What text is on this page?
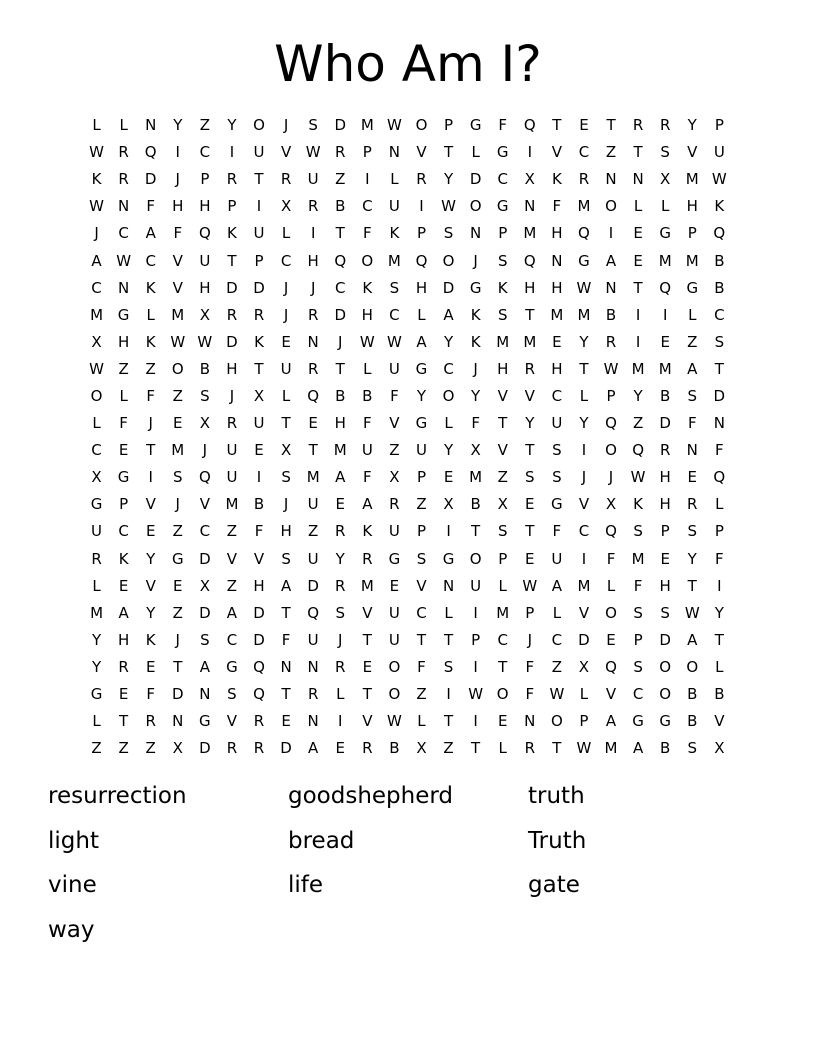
Who Am I?
L	L	N	Y	Z	Y	O	J	S	D M W O	P	G	F	Q	T	E	T	R	R	Y	P
W R	Q	I	C	I	U	V W R	P	N	V	T	L	G	I	V	C	Z	T	S	V	U
K	R	D	J	P	R	T	R	U	Z	I	L	R	Y	D	C	X	K	R	N	N	X	M W
W N	F	H	H	P	I	X	R	B	C	U	I	W O	G	N	F	M O	L	L	H	K
J	C	A	F	Q	K	U	L	I	T	F	K	P	S	N	P	M H	Q	I	E	G	P	Q
A W C	V	U	T	P	C	H	Q	O M Q	O	J	S	Q	N	G	A	E	M M	B
C	N	K	V	H	D	D	J	J	C	K	S	H	D	G	K	H	H W N	T	Q	G	B
M G	L	M	X	R	R	J	R	D	H	C	L	A	K	S	T	M M	B	I	I	L	C
X	H	K W W D	K	E	N	J	W W A	Y	K	M M	E	Y	R	I	E	Z	S
W Z	Z	O	B	H	T	U	R	T	L	U	G	C	J	H	R	H	T	W M M	A	T
O	L	F	Z	S	J	X	L	Q	B	B	F	Y	O	Y	V	V	C	L	P	Y	B	S	D
L	F	J	E	X	R	U	T	E	H	F	V	G	L	F	T	Y	U	Y	Q	Z	D	F	N
C	E	T	M	J	U	E	X	T	M	U	Z	U	Y	X	V	T	S	I	O	Q	R	N	F
X	G	I	S	Q	U	I	S	M	A	F	X	P	E	M	Z	S	S	J	J	W H	E	Q
G	P	V	J	V	M	B	J	U	E	A	R	Z	X	B	X	E	G	V	X	K	H	R	L
U	C	E	Z	C	Z	F	H	Z	R	K	U	P	I	T	S	T	F	C	Q	S	P	S	P
R	K	Y	G	D	V	V	S	U	Y	R	G	S	G	O	P	E	U	I	F	M	E	Y	F
L	E	V	E	X	Z	H	A	D	R	M	E	V	N	U	L	W A	M	L	F	H	T	I
M	A	Y	Z	D	A	D	T	Q	S	V	U	C	L	I	M	P	L	V	O	S	S W	Y
Y	H	K	J	S	C	D	F	U	J	T	U	T	T	P	C	J	C	D	E	P	D	A	T
Y	R	E	T	A	G	Q	N	N	R	E	O	F	S	I	T	F	Z	X	Q	S	O	O	L
G	E	F	D	N	S	Q	T	R	L	T	O	Z	I	W O	F	W	L	V	C	O	B	B
L	T	R	N	G	V	R	E	N	I	V W	L	T	I	E	N	O	P	A	G	G	B	V
Z	Z	Z	X	D	R	R	D	A	E	R	B	X	Z	T	L	R	T	W M	A	B	S	X
resurrection	goodshepherd	truth
light	bread	Truth
vine	life	gate
way
